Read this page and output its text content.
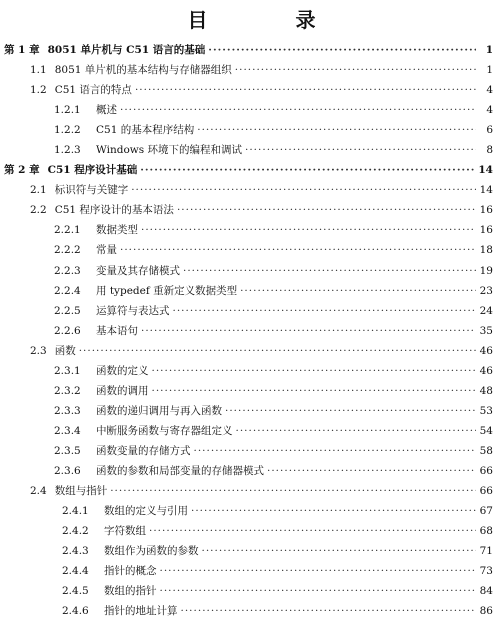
目　录
第 1 章 8051 单片机与 C51 语言的基础 ·····	1
1.1 8051 单片机的基本结构与存储器组织 ·····	1
1.2 C51 语言的特点 ·····	4
1.2.1	概述 ·····	4
1.2.2	C51 的基本程序结构 ·····	6
1.2.3	Windows 环境下的编程和调试 ·····	8
第 2 章 C51 程序设计基础 ·····	14
2.1 标识符与关键字 ·····	14
2.2 C51 程序设计的基本语法 ·····	16
2.2.1	数据类型 ·····	16
2.2.2	常量 ·····	18
2.2.3	变量及其存储模式 ·····	19
2.2.4	用 typedef 重新定义数据类型 ·····	23
2.2.5	运算符与表达式 ·····	24
2.2.6	基本语句 ·····	35
2.3 函数 ·····	46
2.3.1	函数的定义 ·····	46
2.3.2	函数的调用 ·····	48
2.3.3	函数的递归调用与再入函数 ·····	53
2.3.4	中断服务函数与寄存器组定义 ·····	54
2.3.5	函数变量的存储方式 ·····	58
2.3.6	函数的参数和局部变量的存储器模式 ·····	66
2.4 数组与指针 ·····	66
2.4.1	数组的定义与引用 ·····	67
2.4.2	字符数组 ·····	68
2.4.3	数组作为函数的参数 ·····	71
2.4.4	指针的概念 ·····	73
2.4.5	数组的指针 ·····	84
2.4.6	指针的地址计算 ·····	86
